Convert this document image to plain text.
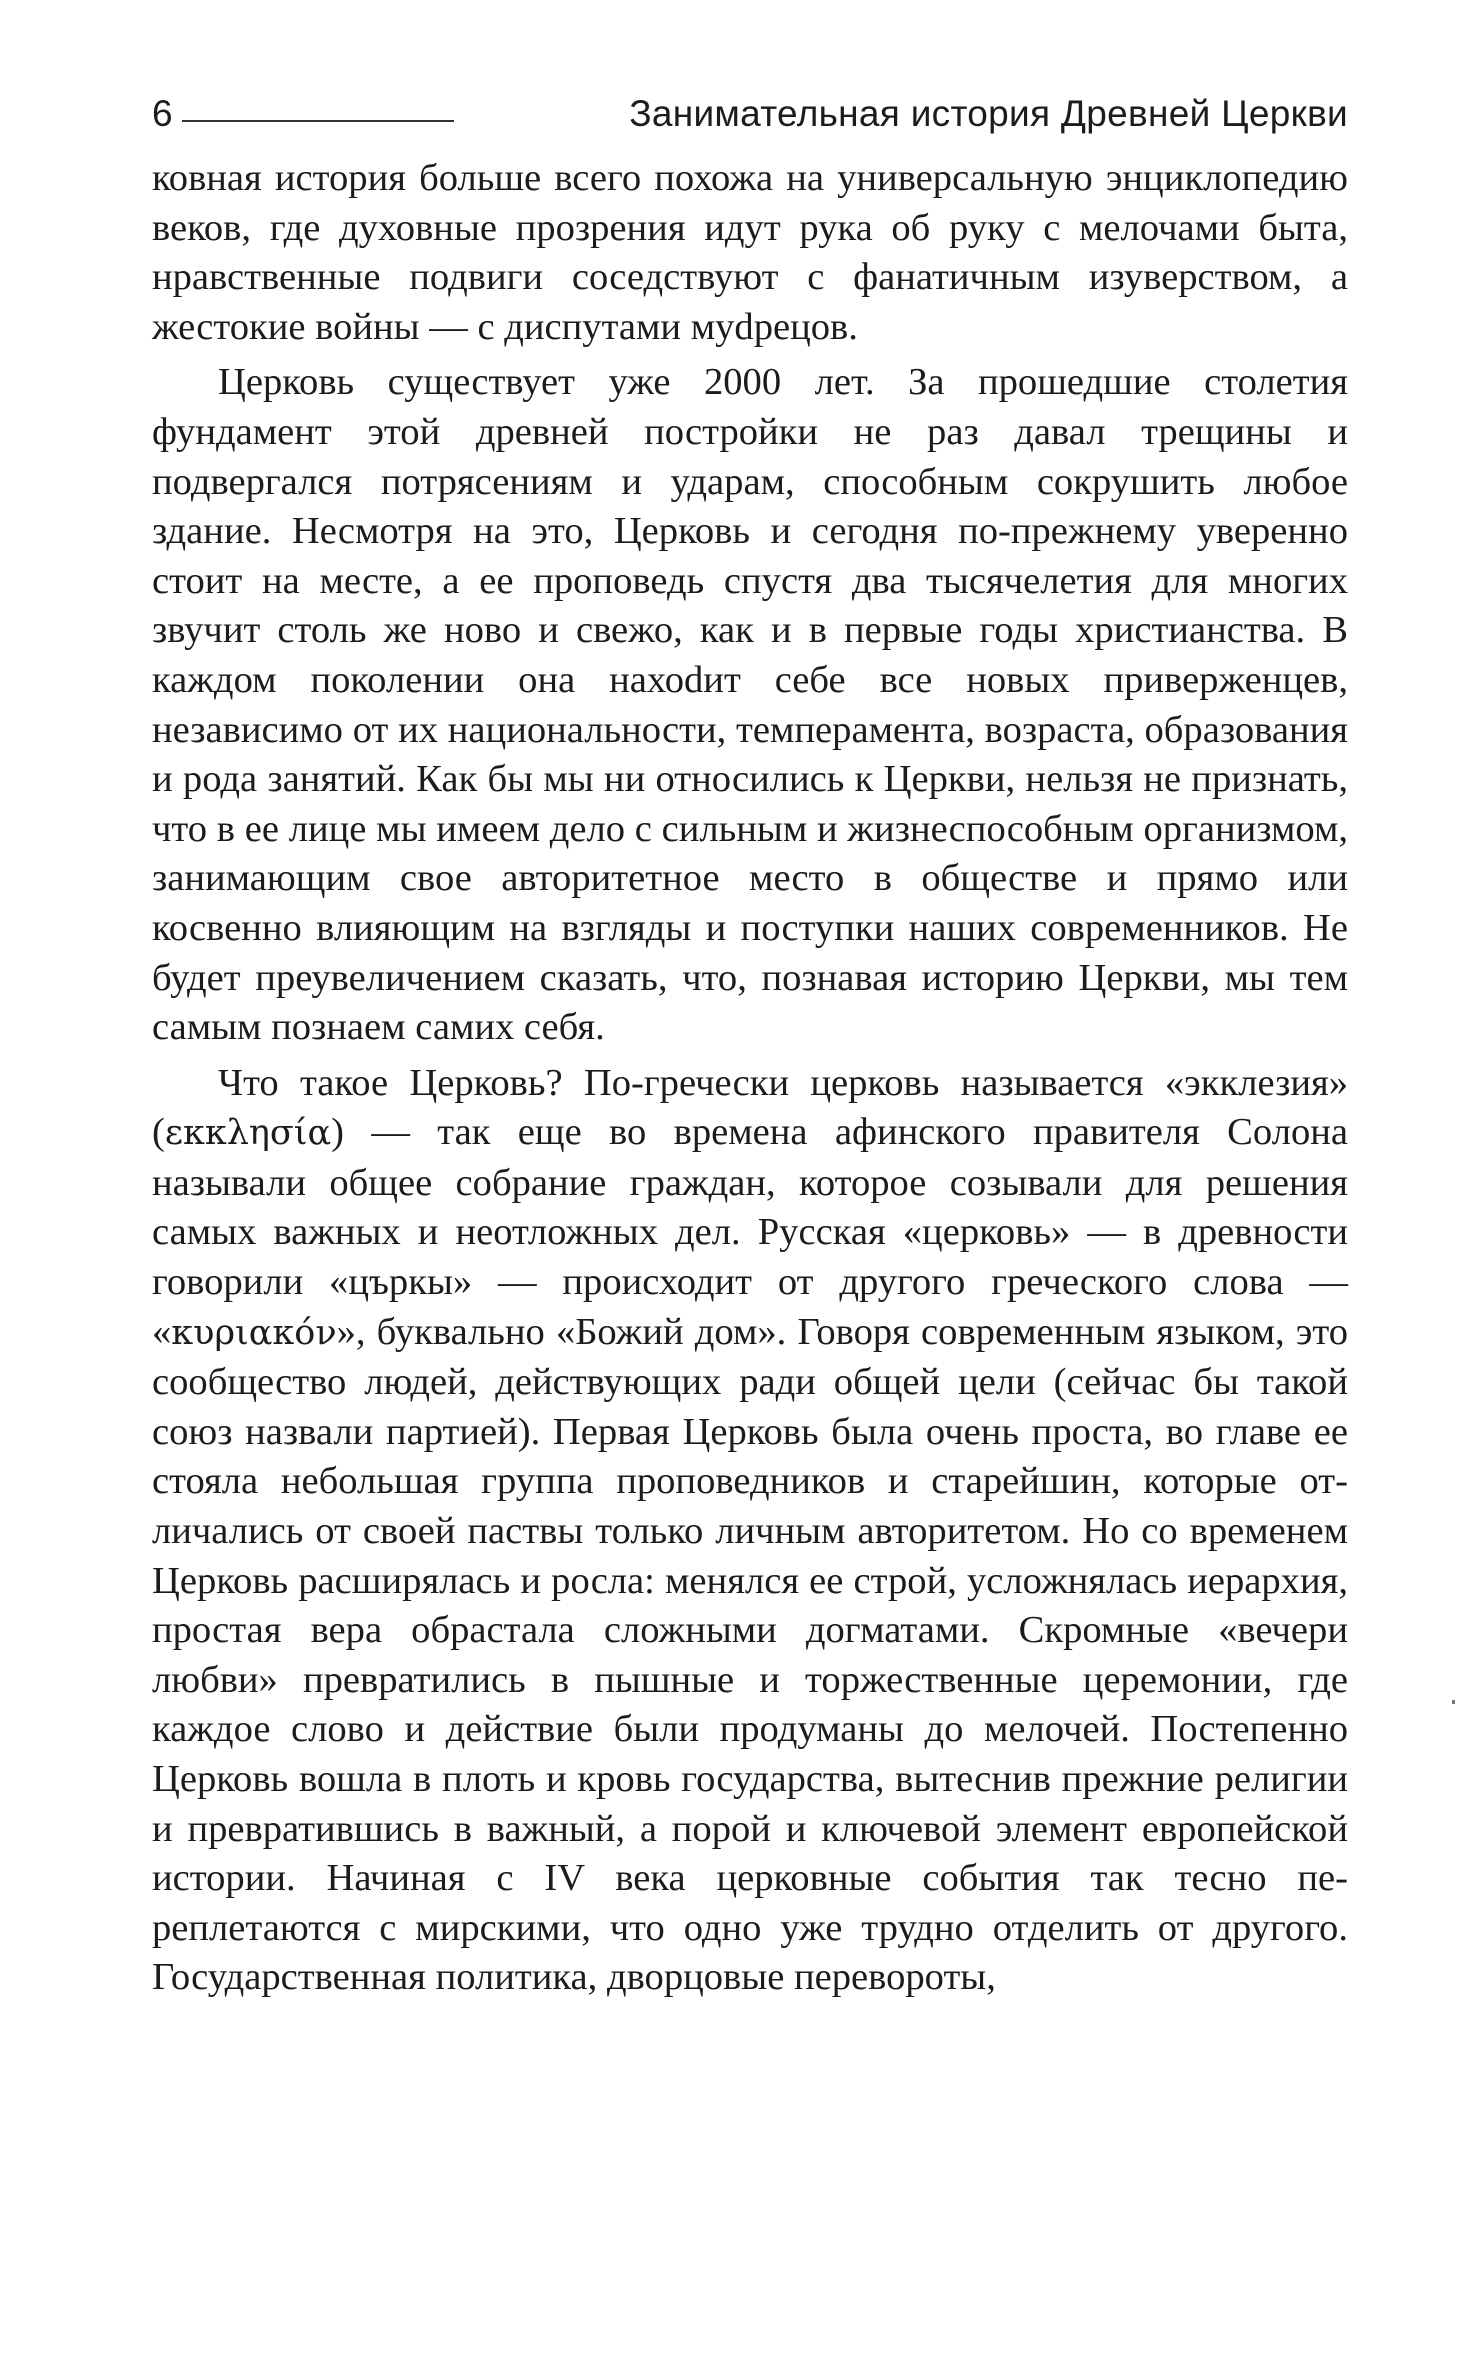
6	Занимательная история Древней Церкви

ковная история больше всего похожа на универсальную энциклопедию веков, где духовные прозрения идут рука об руку с мелочами быта, нравственные подвиги соседствуют с фанатичным изуверством, а жестокие войны — с диспутами муdрецов.

Церковь существует уже 2000 лет. За прошедшие столетия фундамент этой древней постройки не раз давал трещины и подвергался потрясениям и ударам, способным сокрушить любое здание. Несмотря на это, Церковь и сегодня по-прежнему уверенно стоит на месте, а ее проповедь спустя два тысячелетия для многих звучит столь же ново и свежо, как и в первые годы христианства. В каждом поколении она нахоdит себе все новых приверженцев, независимо от их национальности, темперамента, возраста, образования и рода занятий. Как бы мы ни относились к Церкви, нельзя не признать, что в ее лице мы имеем дело с сильным и жизнеспособным организмом, занимающим свое авторитетное место в обществе и прямо или косвенно влияющим на взгляды и поступки наших современников. Не будет преувеличением сказать, что, познавая историю Церкви, мы тем самым познаем самих себя.

Что такое Церковь? По-гречески церковь называется «экклезия» (εκκλησία) — так еще во времена афинского правителя Солона называли общее собрание граждан, которое созывали для решения самых важных и неотложных дел. Русская «церковь» — в древности говорили «църкы» — происходит от другого греческого слова — «κυριακόν», буквально «Божий дом». Говоря современным языком, это сообщество людей, действующих ради общей цели (сейчас бы такой союз назвали партией). Первая Церковь была очень проста, во главе ее стояла небольшая группа проповедников и старейшин, которые отличались от своей паствы только личным авторитетом. Но со временем Церковь расширялась и росла: менялся ее строй, усложнялась иерархия, простая вера обрастала сложными догматами. Скромные «вечери любви» превратились в пышные и торжественные церемонии, где каждое слово и действие были продуманы до мелочей. Постепенно Церковь вошла в плоть и кровь государства, вытеснив прежние религии и превратившись в важный, а порой и ключевой элемент европейской истории. Начиная с IV века церковные события так тесно переплетаются с мирскими, что одно уже трудно отделить от другого. Государственная политика, дворцовые перевороты,
